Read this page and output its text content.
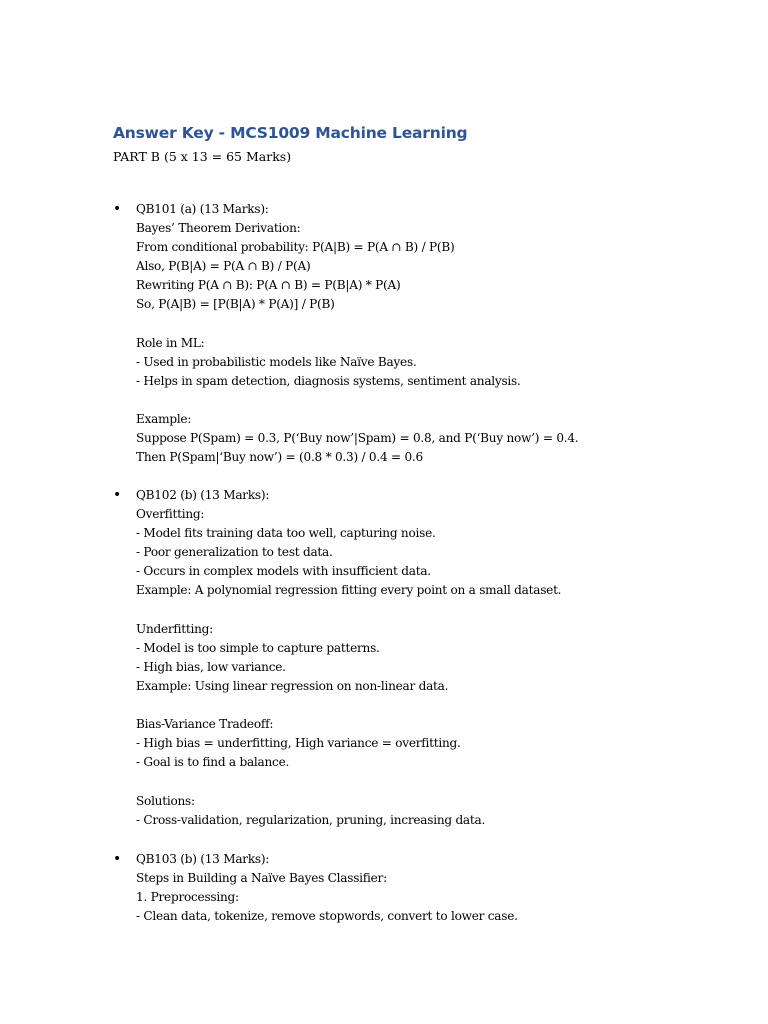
Answer Key - MCS1009 Machine Learning
PART B (5 x 13 = 65 Marks)
•	QB101 (a) (13 Marks):
Bayes’ Theorem Derivation:
From conditional probability: P(A|B) = P(A ∩ B) / P(B)
Also, P(B|A) = P(A ∩ B) / P(A)
Rewriting P(A ∩ B): P(A ∩ B) = P(B|A) * P(A)
So, P(A|B) = [P(B|A) * P(A)] / P(B)
Role in ML:
- Used in probabilistic models like Naïve Bayes.
- Helps in spam detection, diagnosis systems, sentiment analysis.
Example:
Suppose P(Spam) = 0.3, P(‘Buy now’|Spam) = 0.8, and P(‘Buy now’) = 0.4.
Then P(Spam|‘Buy now’) = (0.8 * 0.3) / 0.4 = 0.6
•	QB102 (b) (13 Marks):
Overfitting:
- Model fits training data too well, capturing noise.
- Poor generalization to test data.
- Occurs in complex models with insufficient data.
Example: A polynomial regression fitting every point on a small dataset.
Underfitting:
- Model is too simple to capture patterns.
- High bias, low variance.
Example: Using linear regression on non-linear data.
Bias-Variance Tradeoff:
- High bias = underfitting, High variance = overfitting.
- Goal is to find a balance.
Solutions:
- Cross-validation, regularization, pruning, increasing data.
•	QB103 (b) (13 Marks):
Steps in Building a Naïve Bayes Classifier:
1. Preprocessing:
- Clean data, tokenize, remove stopwords, convert to lower case.
